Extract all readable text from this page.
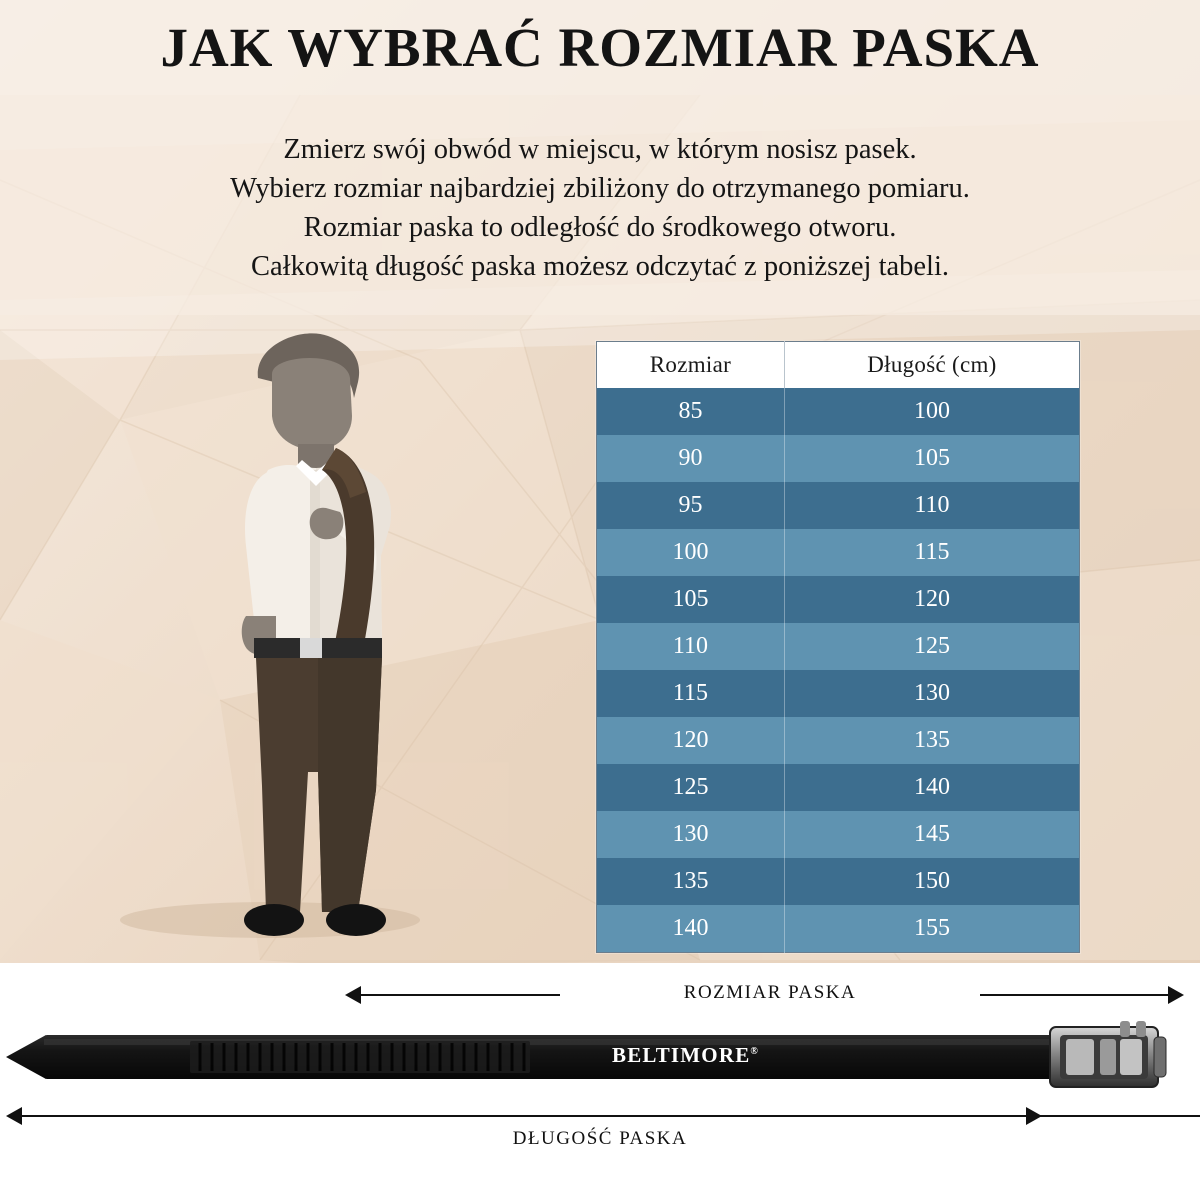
JAK WYBRAĆ ROZMIAR PASKA
Zmierz swój obwód w miejscu, w którym nosisz pasek.
Wybierz rozmiar najbardziej zbiliżony do otrzymanego pomiaru.
Rozmiar paska to odległość do środkowego otworu.
Całkowitą długość paska możesz odczytać z poniższej tabeli.
Rozmiar	Długość (cm)
85	100
90	105
95	110
100	115
105	120
110	125
115	130
120	135
125	140
130	145
135	150
140	155
ROZMIAR PASKA
BELTIMORE®
DŁUGOŚĆ PASKA
